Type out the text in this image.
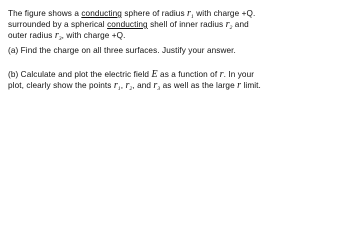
The figure shows a conducting sphere of radius $r_1$ with charge +Q.
surrounded by a spherical conducting shell of inner radius $r_2$ and
outer radius $r_3$, with charge +Q.
(a) Find the charge on all three surfaces. Justify your answer.
(b) Calculate and plot the electric field E as a function of r. In your
plot, clearly show the points $r_1$, $r_2$, and $r_3$ as well as the large r limit.
